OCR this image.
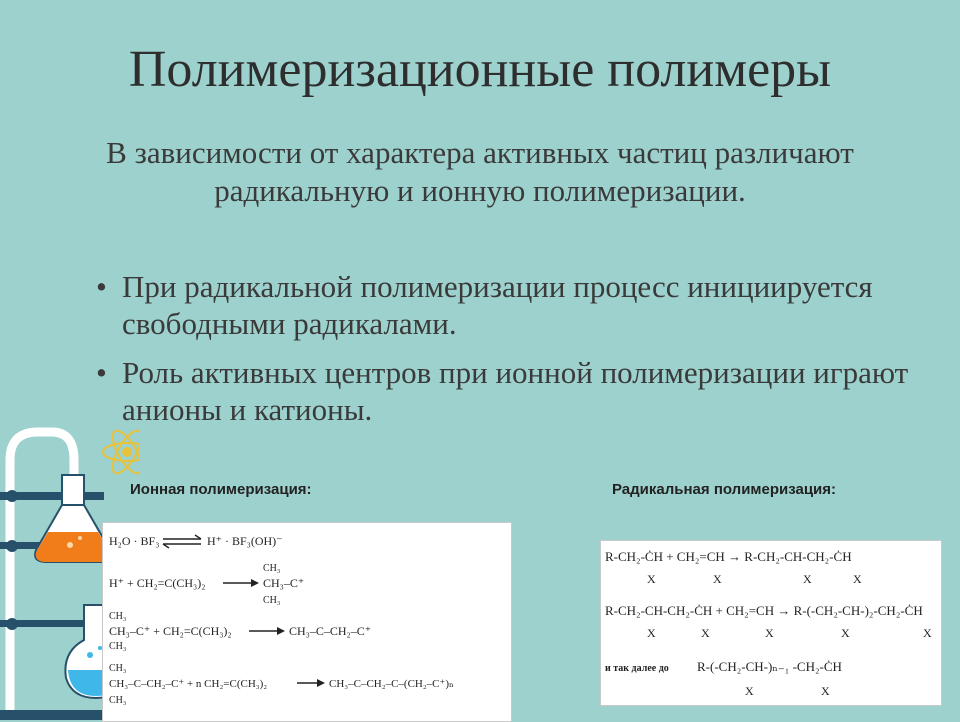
Полимеризационные полимеры
В зависимости от характера активных частиц различают радикальную и ионную полимеризации.
• При радикальной полимеризации процесс инициируется свободными радикалами.
• Роль активных центров при ионной полимеризации играют анионы и катионы.
Ионная полимеризация:
H₂O · BF₃	H⁺ · BF₃(OH)⁻
H⁺ + CH₂=C(CH₃)₂
CH₃
CH₃–C⁺
CH₃
CH₃
CH₃–C⁺ + CH₂=C(CH₃)₂
CH₃
CH₃–C–CH₂–C⁺
CH₃
CH₃–C–CH₂–C⁺ + n CH₂=C(CH₃)₂
CH₃
CH₃–C–CH₂–C–(CH₂–C⁺)ₙ
Радикальная полимеризация:
R-CH₂-ĊH + CH₂=CH → R-CH₂-CH-CH₂-ĊH
X	X	X	X
R-CH₂-CH-CH₂-ĊH + CH₂=CH → R-(-CH₂-CH-)₂-CH₂-ĊH
X	X	X	X	X
и так далее до R-(-CH₂-CH-)ₙ₋₁ -CH₂-ĊH
X	X
